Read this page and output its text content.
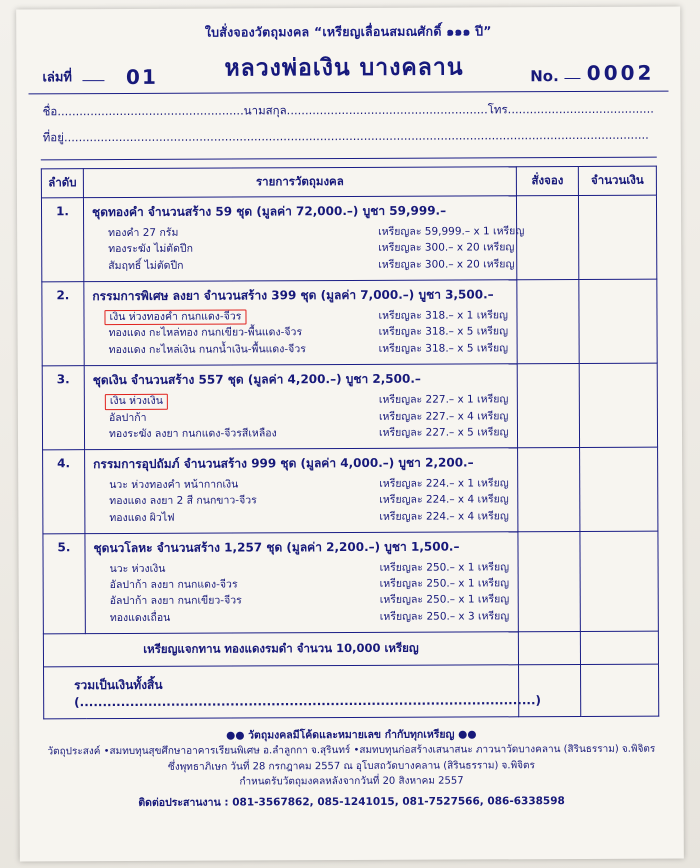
ใบสั่งจองวัตถุมงคล “เหรียญเลื่อนสมณศักดิ์ ๑๑๑ ปี”
เล่มที่	01	หลวงพ่อเงิน บางคลาน	No. 0002
ชื่อ...................................................นามสกุล.......................................................โทร........................................
ที่อยู่................................................................................................................................................................
ลำดับ	รายการวัตถุมงคล	สั่งจอง	จำนวนเงิน
1.	ชุดทองคำ จำนวนสร้าง 59 ชุด (มูลค่า 72,000.–) บูชา 59,999.–
ทองคำ 27 กรัม	เหรียญละ 59,999.– x 1 เหรียญ
ทองระฆัง ไม่ตัดปีก	เหรียญละ 300.– x 20 เหรียญ
สัมฤทธิ์ ไม่ตัดปีก	เหรียญละ 300.– x 20 เหรียญ

2.	กรรมการพิเศษ ลงยา จำนวนสร้าง 399 ชุด (มูลค่า 7,000.–) บูชา 3,500.–
เงิน ห่วงทองคำ กนกแดง-จีวร	เหรียญละ 318.– x 1 เหรียญ
ทองแดง กะไหล่ทอง กนกเขียว-พื้นแดง-จีวร	เหรียญละ 318.– x 5 เหรียญ
ทองแดง กะไหล่เงิน กนกน้ำเงิน-พื้นแดง-จีวร	เหรียญละ 318.– x 5 เหรียญ

3.	ชุดเงิน จำนวนสร้าง 557 ชุด (มูลค่า 4,200.–) บูชา 2,500.–
เงิน ห่วงเงิน	เหรียญละ 227.– x 1 เหรียญ
อัลปาก้า	เหรียญละ 227.– x 4 เหรียญ
ทองระฆัง ลงยา กนกแดง-จีวรสีเหลือง	เหรียญละ 227.– x 5 เหรียญ

4.	กรรมการอุปถัมภ์ จำนวนสร้าง 999 ชุด (มูลค่า 4,000.–) บูชา 2,200.–
นวะ ห่วงทองคำ หน้ากากเงิน	เหรียญละ 224.– x 1 เหรียญ
ทองแดง ลงยา 2 สี กนกขาว-จีวร	เหรียญละ 224.– x 4 เหรียญ
ทองแดง ผิวไฟ	เหรียญละ 224.– x 4 เหรียญ

5.	ชุดนวโลหะ จำนวนสร้าง 1,257 ชุด (มูลค่า 2,200.–) บูชา 1,500.–
นวะ ห่วงเงิน	เหรียญละ 250.– x 1 เหรียญ
อัลปาก้า ลงยา กนกแดง-จีวร	เหรียญละ 250.– x 1 เหรียญ
อัลปาก้า ลงยา กนกเขียว-จีวร	เหรียญละ 250.– x 1 เหรียญ
ทองแดงเถื่อน	เหรียญละ 250.– x 3 เหรียญ

เหรียญแจกทาน ทองแดงรมดำ จำนวน 10,000 เหรียญ			
รวมเป็นเงินทั้งสิ้น (....................................................................................................)			
●● วัตถุมงคลมีโค้ดและหมายเลข กำกับทุกเหรียญ ●●
วัตถุประสงค์ •สมทบทุนสุขศึกษาอาคารเรียนพิเศษ อ.ลำลูกกา จ.สุรินทร์ •สมทบทุนก่อสร้างเสนาสนะ ภาวนาวัดบางคลาน (สิรินธรราม) จ.พิจิตร
ซึ่งพุทธาภิเษก วันที่ 28 กรกฎาคม 2557 ณ อุโบสถวัดบางคลาน (สิรินธรราม) จ.พิจิตร
กำหนดรับวัตถุมงคลหลังจากวันที่ 20 สิงหาคม 2557
ติดต่อประสานงาน : 081-3567862, 085-1241015, 081-7527566, 086-6338598
